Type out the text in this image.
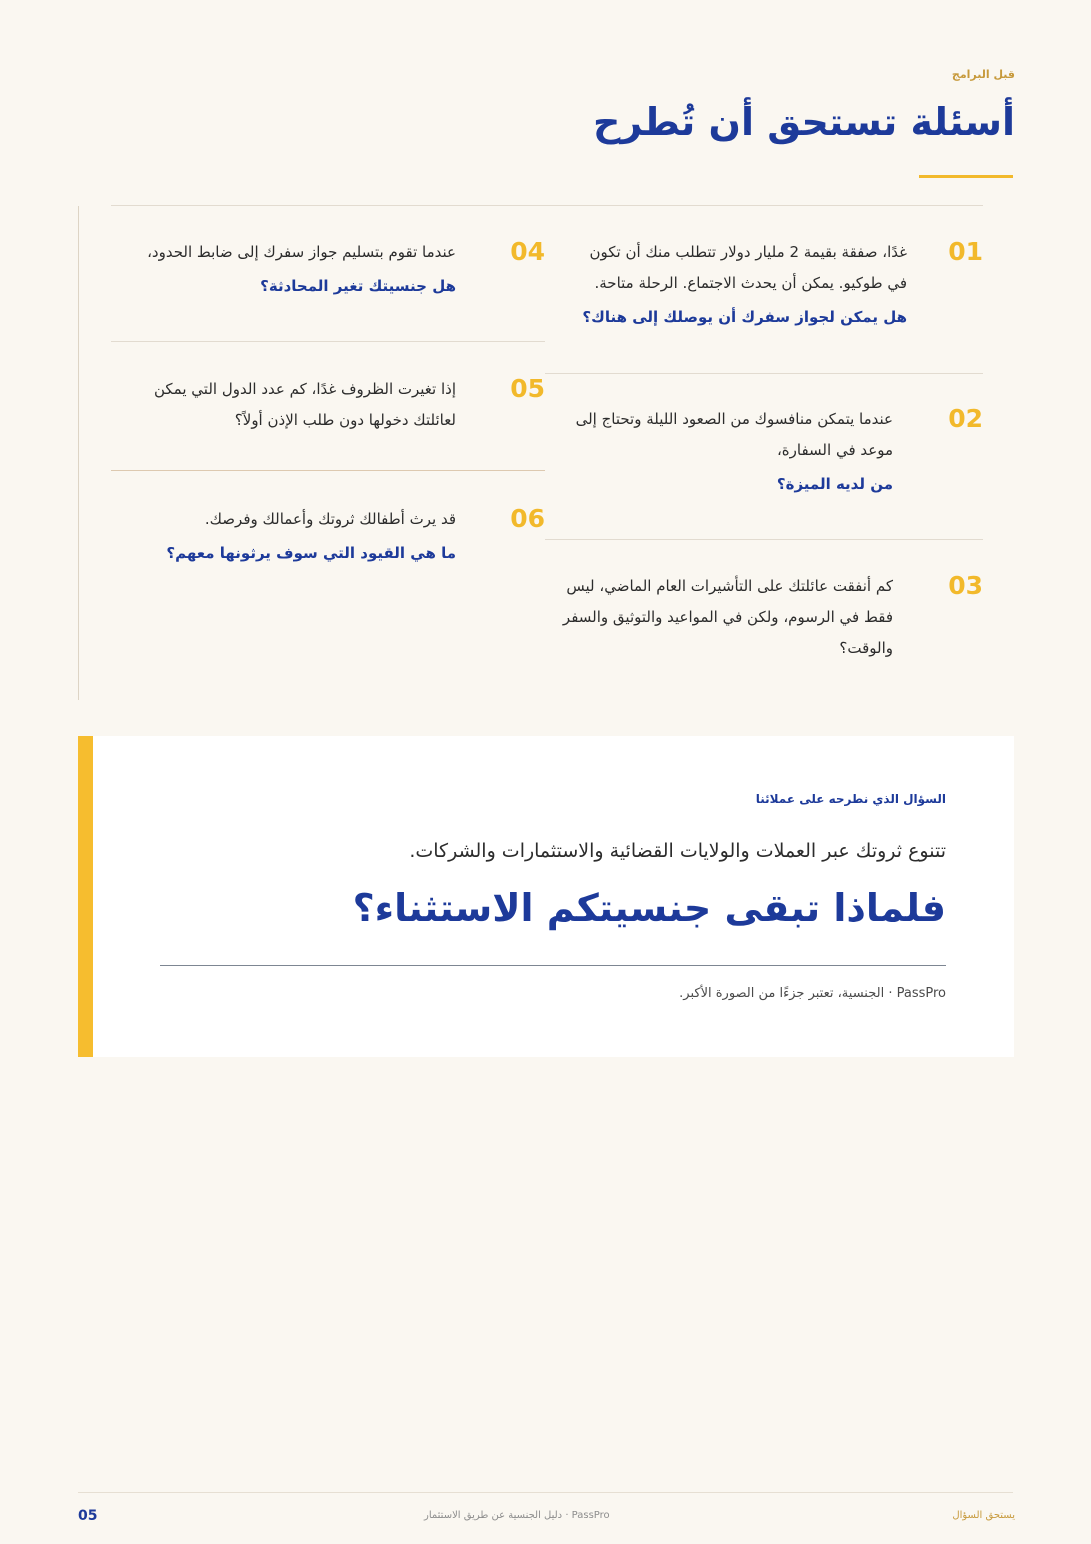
قبل البرامج
أسئلة تستحق أن تُطرح
01

غدًا، صفقة بقيمة 2 مليار دولار تتطلب منك أن تكون

في طوكيو. يمكن أن يحدث الاجتماع. الرحلة متاحة.

هل يمكن لجواز سفرك أن يوصلك إلى هناك؟
02

عندما يتمكن منافسوك من الصعود الليلة وتحتاج إلى

موعد في السفارة،

من لديه الميزة؟
03

كم أنفقت عائلتك على التأشيرات العام الماضي، ليس

فقط في الرسوم، ولكن في المواعيد والتوثيق والسفر

والوقت؟

04

عندما تقوم بتسليم جواز سفرك إلى ضابط الحدود،

هل جنسيتك تغير المحادثة؟
05

إذا تغيرت الظروف غدًا، كم عدد الدول التي يمكن

لعائلتك دخولها دون طلب الإذن أولاً؟

06

قد يرث أطفالك ثروتك وأعمالك وفرصك.

ما هي القيود التي سوف يرثونها معهم؟
السؤال الذي نطرحه على عملائنا
تتنوع ثروتك عبر العملات والولايات القضائية والاستثمارات والشركات.
فلماذا تبقى جنسيتكم الاستثناء؟
PassPro · الجنسية، تعتبر جزءًا من الصورة الأكبر.
05	PassPro · دليل الجنسية عن طريق الاستثمار	يستحق السؤال
